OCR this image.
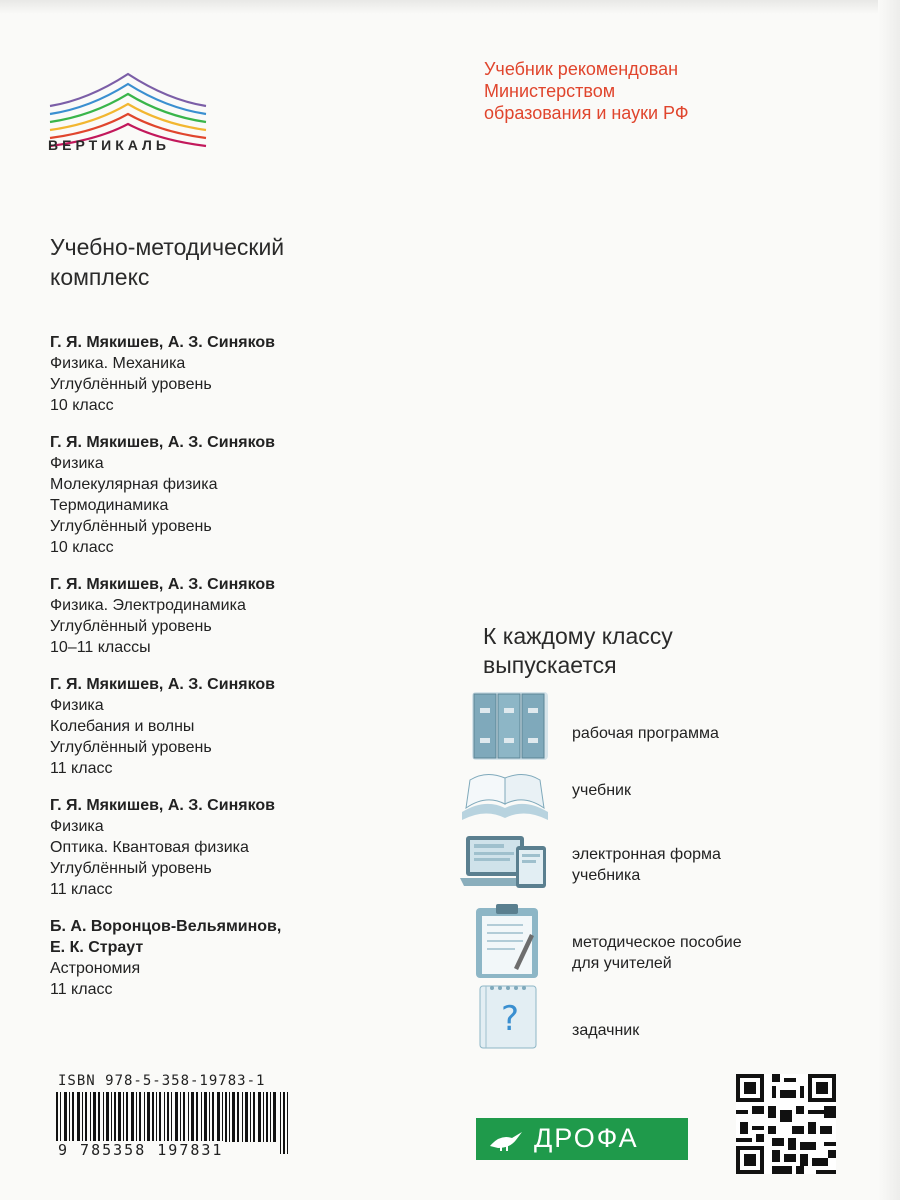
ВЕРТИКАЛЬ
Учебник рекомендован
Министерством
образования и науки РФ
Учебно-методический
комплекс
Г. Я. Мякишев, А. З. Синяков
Физика. Механика
Углублённый уровень
10 класс
Г. Я. Мякишев, А. З. Синяков
Физика
Молекулярная физика
Термодинамика
Углублённый уровень
10 класс
Г. Я. Мякишев, А. З. Синяков
Физика. Электродинамика
Углублённый уровень
10–11 классы
Г. Я. Мякишев, А. З. Синяков
Физика
Колебания и волны
Углублённый уровень
11 класс
Г. Я. Мякишев, А. З. Синяков
Физика
Оптика. Квантовая физика
Углублённый уровень
11 класс
Б. А. Воронцов-Вельяминов,
Е. К. Страут
Астрономия
11 класс
К каждому классу
выпускается
рабочая программа
учебник
электронная форма
учебника
методическое пособие
для учителей
?	задачник
ISBN 978-5-358-19783-1
9 785358 197831	ДРОФА
